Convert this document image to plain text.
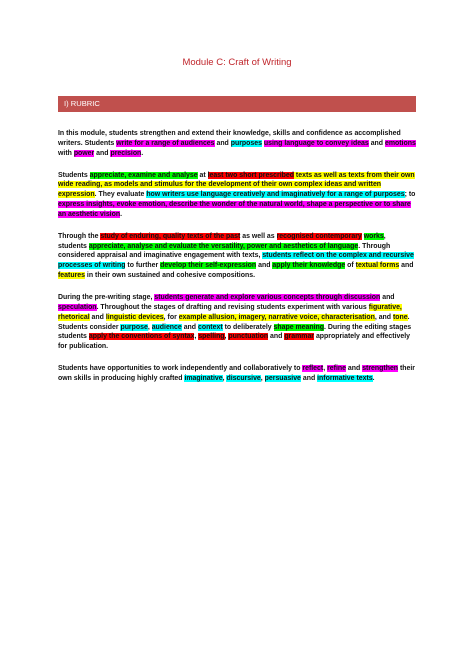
Module C: Craft of Writing
I) RUBRIC

In this module, students strengthen and extend their knowledge, skills and confidence as accomplished writers. Students write for a range of audiences and purposes using language to convey ideas and emotions with power and precision.

Students appreciate, examine and analyse at least two short prescribed texts as well as texts from their own wide reading, as models and stimulus for the development of their own complex ideas and written expression. They evaluate how writers use language creatively and imaginatively for a range of purposes; to express insights, evoke emotion, describe the wonder of the natural world, shape a perspective or to share an aesthetic vision.

Through the study of enduring, quality texts of the past as well as recognised contemporary works, students appreciate, analyse and evaluate the versatility, power and aesthetics of language. Through considered appraisal and imaginative engagement with texts, students reflect on the complex and recursive processes of writing to further develop their self-expression and apply their knowledge of textual forms and features in their own sustained and cohesive compositions.

During the pre-writing stage, students generate and explore various concepts through discussion and speculation. Throughout the stages of drafting and revising students experiment with various figurative, rhetorical and linguistic devices, for example allusion, imagery, narrative voice, characterisation, and tone. Students consider purpose, audience and context to deliberately shape meaning. During the editing stages students apply the conventions of syntax, spelling, punctuation and grammar appropriately and effectively for publication.

Students have opportunities to work independently and collaboratively to reflect, refine and strengthen their own skills in producing highly crafted imaginative, discursive, persuasive and informative texts.
